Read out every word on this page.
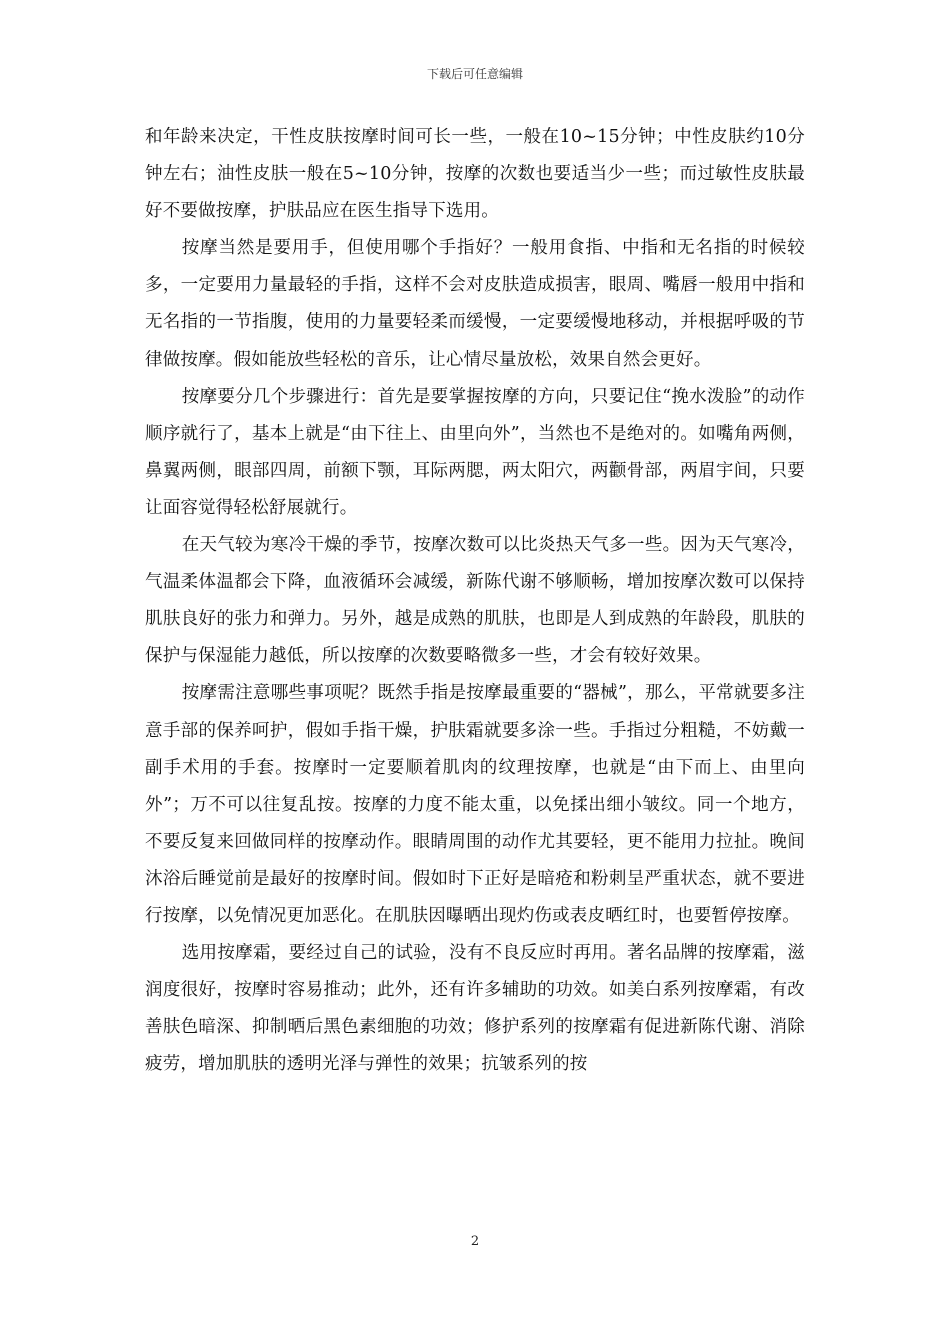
下载后可任意编辑

和年龄来决定，干性皮肤按摩时间可长一些，一般在10~15分钟；中性皮肤约10分钟左右；油性皮肤一般在5~10分钟，按摩的次数也要适当少一些；而过敏性皮肤最好不要做按摩，护肤品应在医生指导下选用。

按摩当然是要用手，但使用哪个手指好？一般用食指、中指和无名指的时候较多，一定要用力量最轻的手指，这样不会对皮肤造成损害，眼周、嘴唇一般用中指和无名指的一节指腹，使用的力量要轻柔而缓慢，一定要缓慢地移动，并根据呼吸的节律做按摩。假如能放些轻松的音乐，让心情尽量放松，效果自然会更好。

按摩要分几个步骤进行：首先是要掌握按摩的方向，只要记住“挽水泼脸”的动作顺序就行了，基本上就是“由下往上、由里向外”，当然也不是绝对的。如嘴角两侧，鼻翼两侧，眼部四周，前额下颚，耳际两腮，两太阳穴，两颧骨部，两眉宇间，只要让面容觉得轻松舒展就行。

在天气较为寒冷干燥的季节，按摩次数可以比炎热天气多一些。因为天气寒冷，气温柔体温都会下降，血液循环会减缓，新陈代谢不够顺畅，增加按摩次数可以保持肌肤良好的张力和弹力。另外，越是成熟的肌肤，也即是人到成熟的年龄段，肌肤的保护与保湿能力越低，所以按摩的次数要略微多一些，才会有较好效果。

按摩需注意哪些事项呢？既然手指是按摩最重要的“器械”，那么，平常就要多注意手部的保养呵护，假如手指干燥，护肤霜就要多涂一些。手指过分粗糙，不妨戴一副手术用的手套。按摩时一定要顺着肌肉的纹理按摩，也就是“由下而上、由里向外”；万不可以往复乱按。按摩的力度不能太重，以免揉出细小皱纹。同一个地方，不要反复来回做同样的按摩动作。眼睛周围的动作尤其要轻，更不能用力拉扯。晚间沐浴后睡觉前是最好的按摩时间。假如时下正好是暗疮和粉刺呈严重状态，就不要进行按摩，以免情况更加恶化。在肌肤因曝晒出现灼伤或表皮晒红时，也要暂停按摩。

选用按摩霜，要经过自己的试验，没有不良反应时再用。著名品牌的按摩霜，滋润度很好，按摩时容易推动；此外，还有许多辅助的功效。如美白系列按摩霜，有改善肤色暗深、抑制晒后黑色素细胞的功效；修护系列的按摩霜有促进新陈代谢、消除疲劳，增加肌肤的透明光泽与弹性的效果；抗皱系列的按

2
